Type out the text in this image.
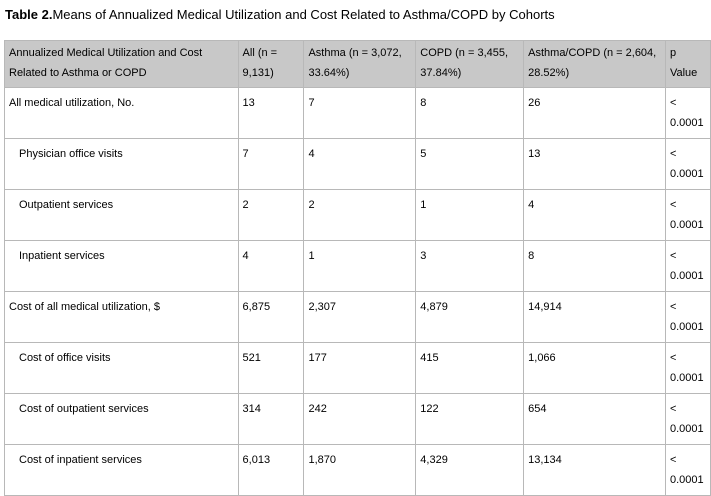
Table 2.Means of Annualized Medical Utilization and Cost Related to Asthma/COPD by Cohorts
Annualized Medical Utilization and Cost Related to Asthma or COPD	All (n = 9,131)	Asthma (n = 3,072, 33.64%)	COPD (n = 3,455, 37.84%)	Asthma/COPD (n = 2,604, 28.52%)	p Value
All medical utilization, No.	13	7	8	26	< 0.0001
Physician office visits	7	4	5	13	< 0.0001
Outpatient services	2	2	1	4	< 0.0001
Inpatient services	4	1	3	8	< 0.0001
Cost of all medical utilization, $	6,875	2,307	4,879	14,914	< 0.0001
Cost of office visits	521	177	415	1,066	< 0.0001
Cost of outpatient services	314	242	122	654	< 0.0001
Cost of inpatient services	6,013	1,870	4,329	13,134	< 0.0001
